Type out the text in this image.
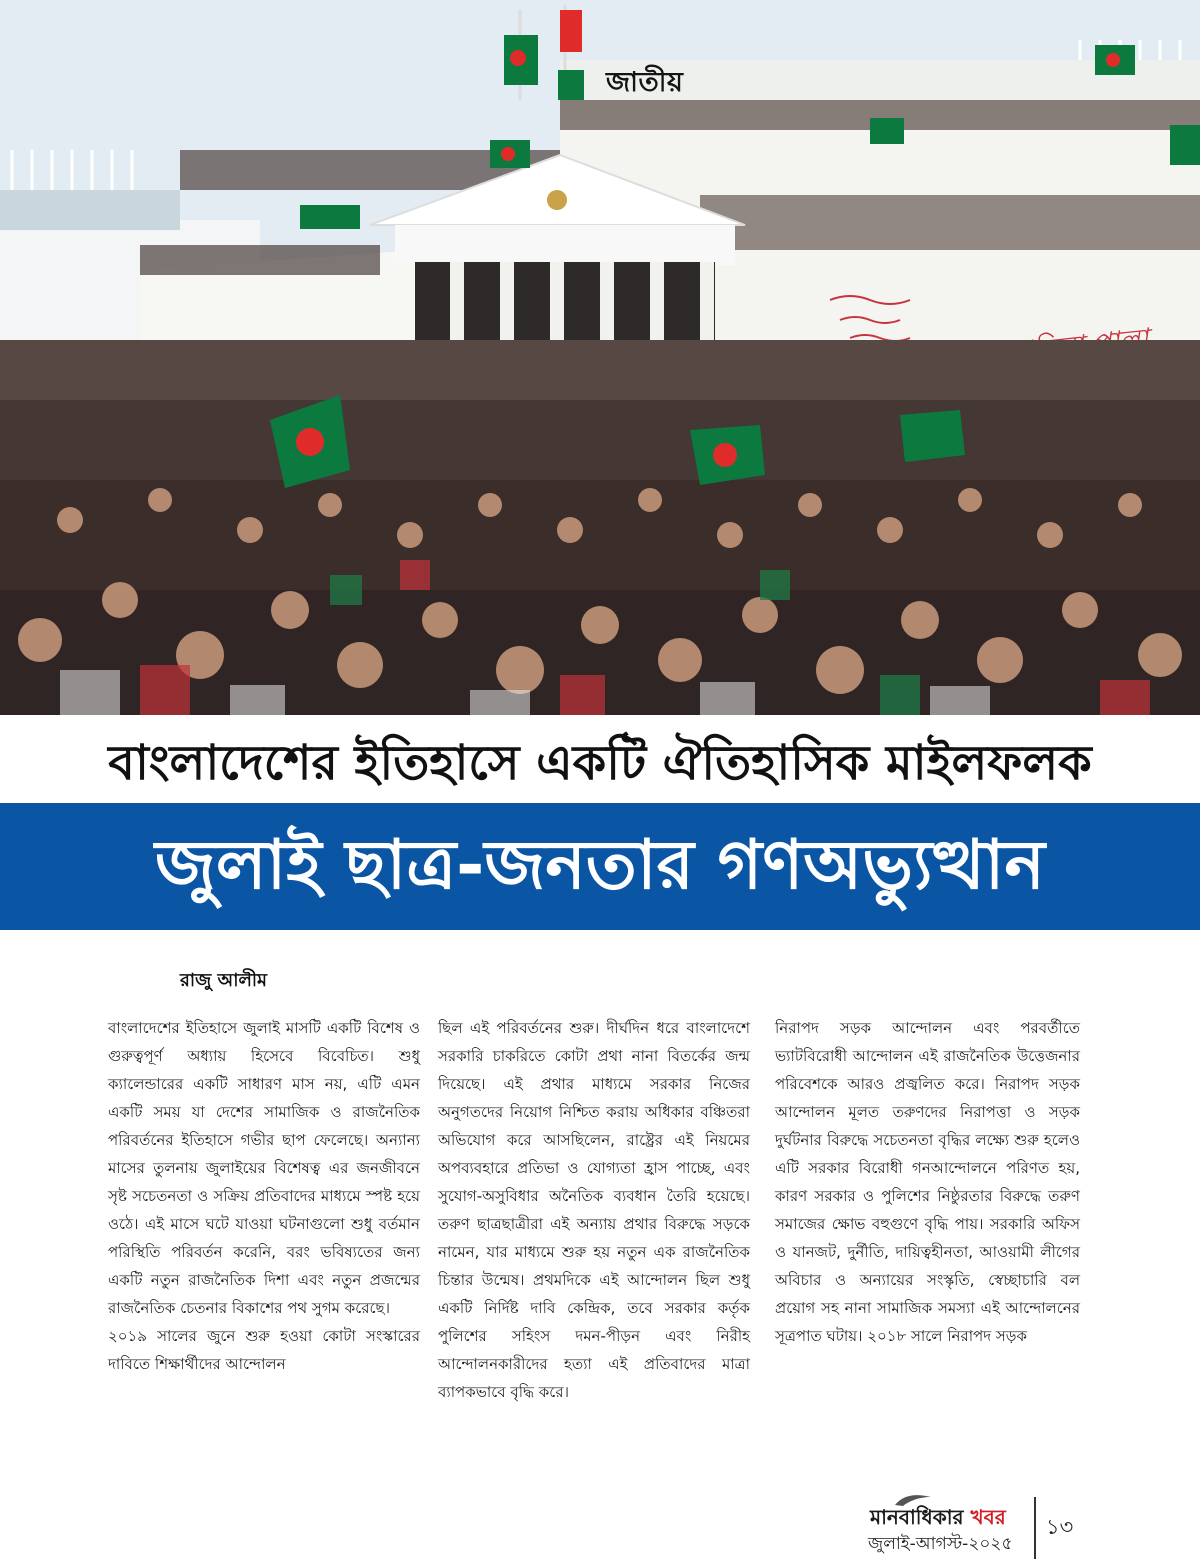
জাতীয়
বাংলাদেশের ইতিহাসে একটি ঐতিহাসিক মাইলফলক
জুলাই ছাত্র-জনতার গণঅভ্যুত্থান
রাজু আলীম

বাংলাদেশের ইতিহাসে জুলাই মাসটি একটি বিশেষ ও গুরুত্বপূর্ণ অধ্যায় হিসেবে বিবেচিত। শুধু ক্যালেন্ডারের একটি সাধারণ মাস নয়, এটি এমন একটি সময় যা দেশের সামাজিক ও রাজনৈতিক পরিবর্তনের ইতিহাসে গভীর ছাপ ফেলেছে। অন্যান্য মাসের তুলনায় জুলাইয়ের বিশেষত্ব এর জনজীবনে সৃষ্ট সচেতনতা ও সক্রিয় প্রতিবাদের মাধ্যমে স্পষ্ট হয়ে ওঠে। এই মাসে ঘটে যাওয়া ঘটনাগুলো শুধু বর্তমান পরিস্থিতি পরিবর্তন করেনি, বরং ভবিষ্যতের জন্য একটি নতুন রাজনৈতিক দিশা এবং নতুন প্রজন্মের রাজনৈতিক চেতনার বিকাশের পথ সুগম করেছে।

২০১৯ সালের জুনে শুরু হওয়া কোটা সংস্কারের দাবিতে শিক্ষার্থীদের আন্দোলন

ছিল এই পরিবর্তনের শুরু। দীর্ঘদিন ধরে বাংলাদেশে সরকারি চাকরিতে কোটা প্রথা নানা বিতর্কের জন্ম দিয়েছে। এই প্রথার মাধ্যমে সরকার নিজের অনুগতদের নিয়োগ নিশ্চিত করায় অধিকার বঞ্চিতরা অভিযোগ করে আসছিলেন, রাষ্ট্রের এই নিয়মের অপব্যবহারে প্রতিভা ও যোগ্যতা হ্রাস পাচ্ছে, এবং সুযোগ-অসুবিধার অনৈতিক ব্যবধান তৈরি হয়েছে। তরুণ ছাত্রছাত্রীরা এই অন্যায় প্রথার বিরুদ্ধে সড়কে নামেন, যার মাধ্যমে শুরু হয় নতুন এক রাজনৈতিক চিন্তার উন্মেষ। প্রথমদিকে এই আন্দোলন ছিল শুধু একটি নির্দিষ্ট দাবি কেন্দ্রিক, তবে সরকার কর্তৃক পুলিশের সহিংস দমন-পীড়ন এবং নিরীহ আন্দোলনকারীদের হত্যা এই প্রতিবাদের মাত্রা ব্যাপকভাবে বৃদ্ধি করে।

নিরাপদ সড়ক আন্দোলন এবং পরবর্তীতে ভ্যাটবিরোধী আন্দোলন এই রাজনৈতিক উত্তেজনার পরিবেশকে আরও প্রজ্বলিত করে। নিরাপদ সড়ক আন্দোলন মূলত তরুণদের নিরাপত্তা ও সড়ক দুর্ঘটনার বিরুদ্ধে সচেতনতা বৃদ্ধির লক্ষ্যে শুরু হলেও এটি সরকার বিরোধী গনআন্দোলনে পরিণত হয়, কারণ সরকার ও পুলিশের নিষ্ঠুরতার বিরুদ্ধে তরুণ সমাজের ক্ষোভ বহুগুণে বৃদ্ধি পায়। সরকারি অফিস ও যানজট, দুর্নীতি, দায়িত্বহীনতা, আওয়ামী লীগের অবিচার ও অন্যায়ের সংস্কৃতি, স্বেচ্ছাচারি বল প্রয়োগ সহ নানা সামাজিক সমস্যা এই আন্দোলনের সূত্রপাত ঘটায়। ২০১৮ সালে নিরাপদ সড়ক

মানবাধিকার খবর
জুলাই-আগস্ট-২০২৫
১৩
